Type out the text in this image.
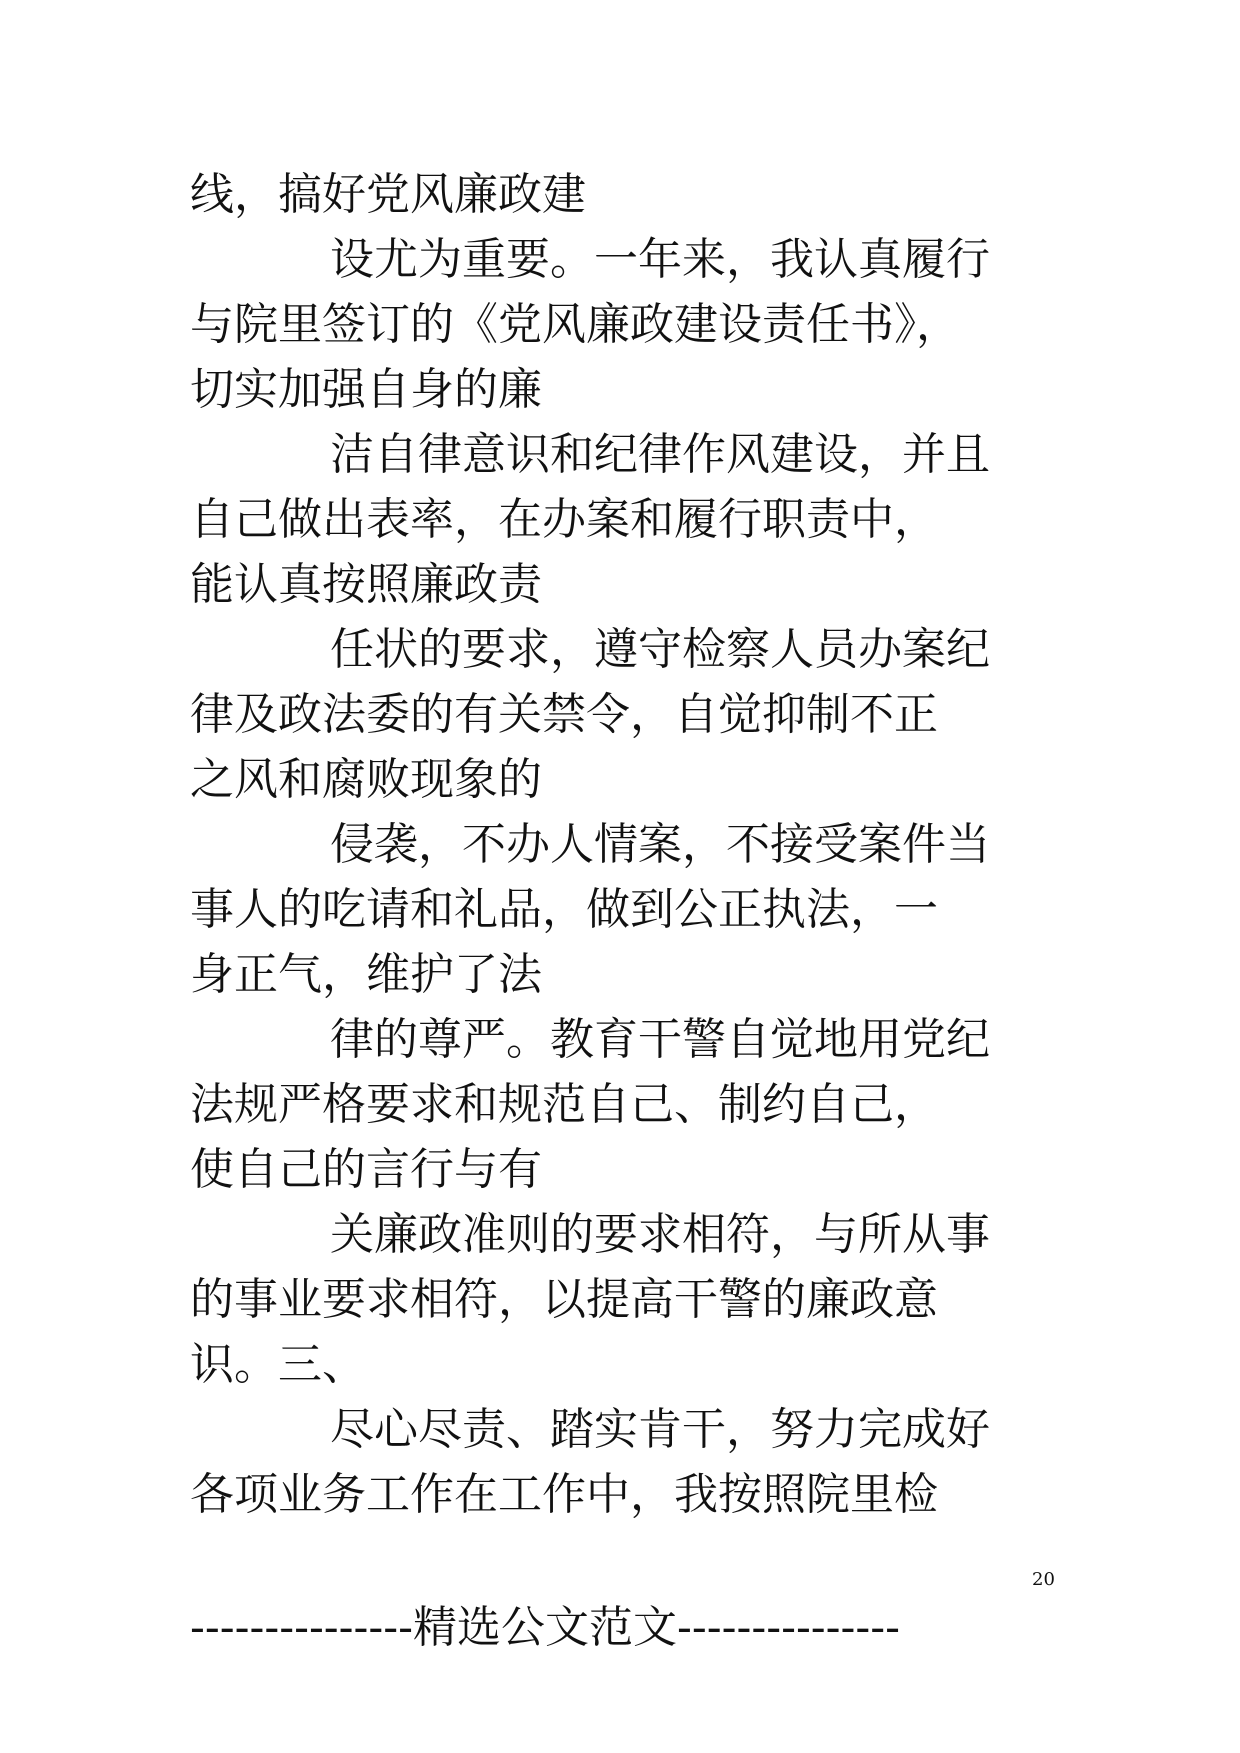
线，搞好党风廉政建
设尤为重要。一年来，我认真履行
与院里签订的《党风廉政建设责任书》，
切实加强自身的廉
洁自律意识和纪律作风建设，并且
自己做出表率，在办案和履行职责中，
能认真按照廉政责
任状的要求，遵守检察人员办案纪
律及政法委的有关禁令，自觉抑制不正
之风和腐败现象的
侵袭，不办人情案，不接受案件当
事人的吃请和礼品，做到公正执法，一
身正气，维护了法
律的尊严。教育干警自觉地用党纪
法规严格要求和规范自己、制约自己，
使自己的言行与有
关廉政准则的要求相符，与所从事
的事业要求相符，以提高干警的廉政意
识。三、
尽心尽责、踏实肯干，努力完成好
各项业务工作在工作中，我按照院里检
20
---------------精选公文范文---------------
